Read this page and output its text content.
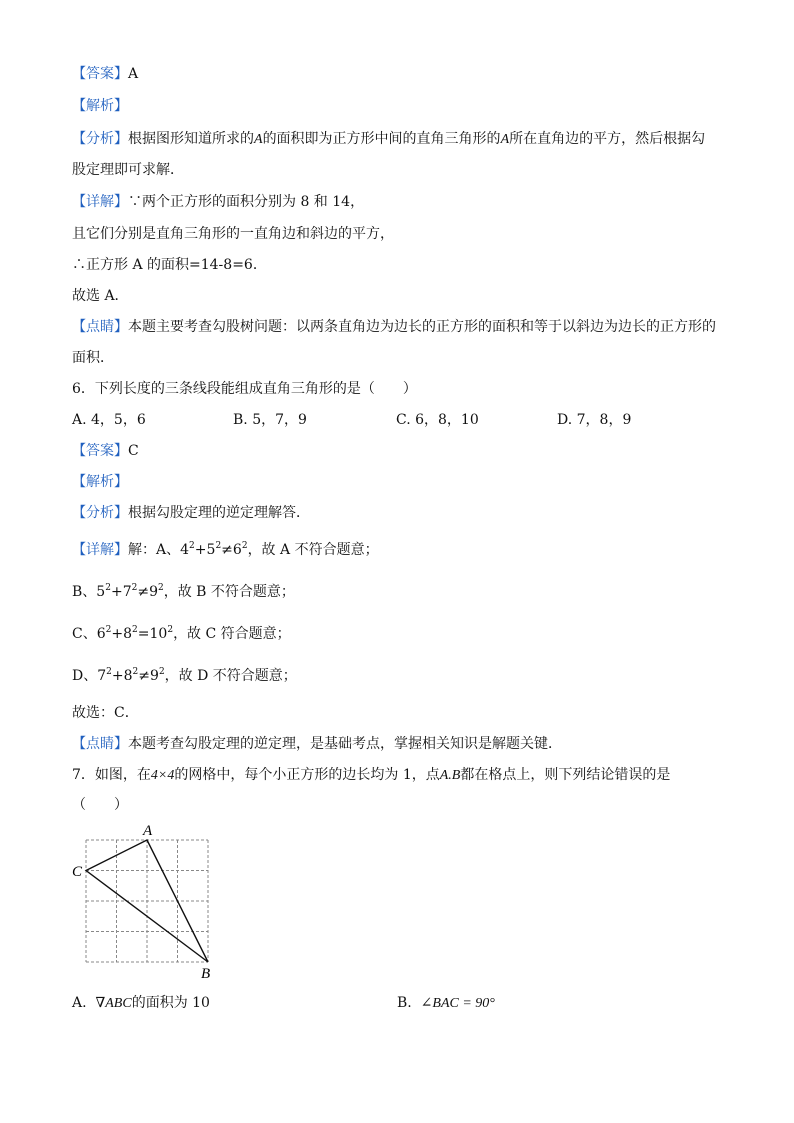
【答案】A
【解析】
【分析】根据图形知道所求的A的面积即为正方形中间的直角三角形的A所在直角边的平方，然后根据勾
股定理即可求解．
【详解】∵两个正方形的面积分别为 8 和 14，
且它们分别是直角三角形的一直角边和斜边的平方，
∴正方形 A 的面积=14-8=6．
故选 A．
【点睛】本题主要考查勾股树问题：以两条直角边为边长的正方形的面积和等于以斜边为边长的正方形的
面积．
6．下列长度的三条线段能组成直角三角形的是（　　）
A. 4，5，6	B. 5，7，9	C. 6，8，10	D. 7，8，9
【答案】C
【解析】
【分析】根据勾股定理的逆定理解答．
【详解】解：A、$4^2+5^2\ne 6^2$，故 A 不符合题意；
B、$5^2+7^2\ne 9^2$，故 B 不符合题意；
C、$6^2+8^2=10^2$，故 C 符合题意；
D、$7^2+8^2\ne 9^2$，故 D 不符合题意；
故选：C．
【点睛】本题考查勾股定理的逆定理，是基础考点，掌握相关知识是解题关键．
7．如图，在4×4的网格中，每个小正方形的边长均为 1，点A.B都在格点上，则下列结论错误的是
（　　）
A
C
B
A. ∇ABC的面积为 10	B. ∠BAC = 90°
